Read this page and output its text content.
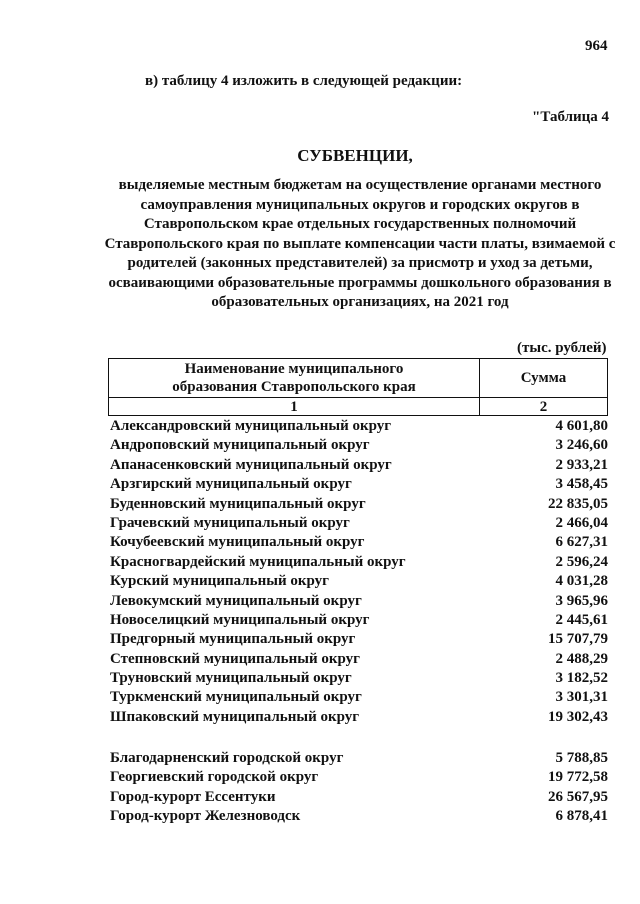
964
в) таблицу 4 изложить в следующей редакции:
"Таблица 4
СУБВЕНЦИИ,
выделяемые местным бюджетам на осуществление органами местного
самоуправления муниципальных округов и городских округов в
Ставропольском крае отдельных государственных полномочий
Ставропольского края по выплате компенсации части платы, взимаемой с
родителей (законных представителей) за присмотр и уход за детьми,
осваивающими образовательные программы дошкольного образования в
образовательных организациях, на 2021 год
(тыс. рублей)
Наименование муниципального
образования Ставропольского края	Сумма
1	2
Александровский муниципальный округ	4 601,80
Андроповский муниципальный округ	3 246,60
Апанасенковский муниципальный округ	2 933,21
Арзгирский муниципальный округ	3 458,45
Буденновский муниципальный округ	22 835,05
Грачевский муниципальный округ	2 466,04
Кочубеевский муниципальный округ	6 627,31
Красногвардейский муниципальный округ	2 596,24
Курский муниципальный округ	4 031,28
Левокумский муниципальный округ	3 965,96
Новоселицкий муниципальный округ	2 445,61
Предгорный муниципальный округ	15 707,79
Степновский муниципальный округ	2 488,29
Труновский муниципальный округ	3 182,52
Туркменский муниципальный округ	3 301,31
Шпаковский муниципальный округ	19 302,43
Благодарненский городской округ	5 788,85
Георгиевский городской округ	19 772,58
Город-курорт Ессентуки	26 567,95
Город-курорт Железноводск	6 878,41
